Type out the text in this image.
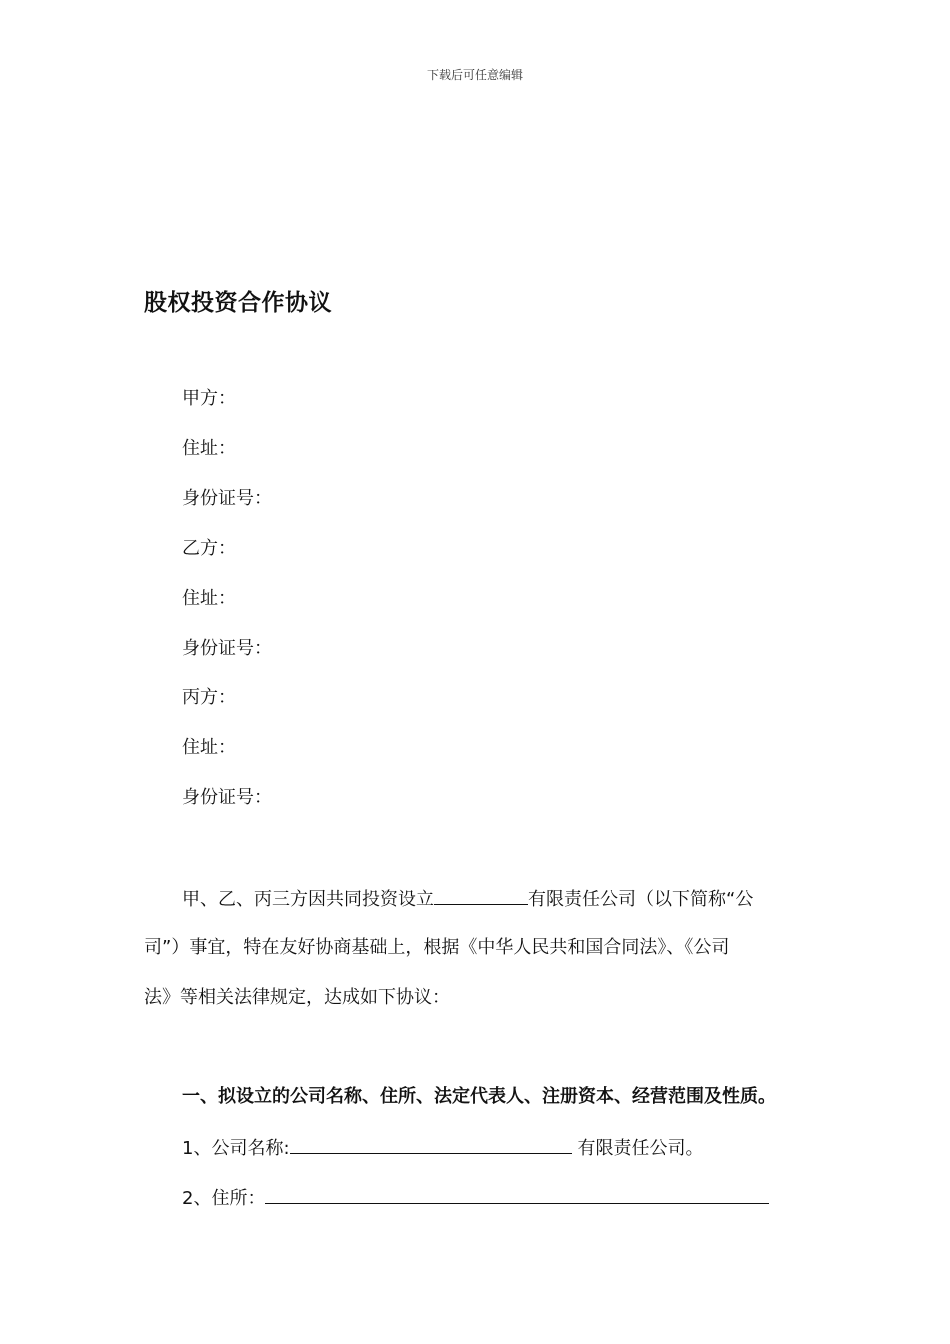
下载后可任意编辑
股权投资合作协议
甲方：
住址：
身份证号：
乙方：
住址：
身份证号：
丙方：
住址：
身份证号：
甲、乙、丙三方因共同投资设立	有限责任公司（以下简称“公
司”）事宜，特在友好协商基础上，根据《中华人民共和国合同法》、《公司
法》等相关法律规定，达成如下协议：
一、拟设立的公司名称、住所、法定代表人、注册资本、经营范围及性质。
1、公司名称:	有限责任公司。
2、住所：
